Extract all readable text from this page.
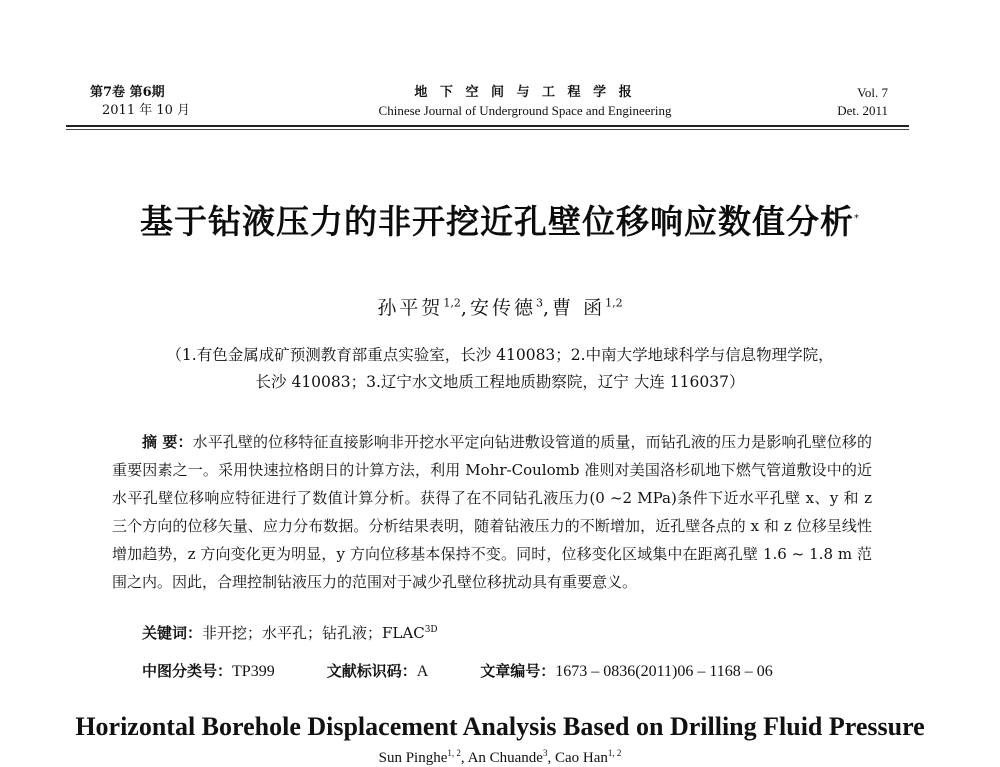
第7卷 第6期
2011 年 10 月
地 下 空 间 与 工 程 学 报
Chinese Journal of Underground Space and Engineering
Vol. 7
Det. 2011
基于钻液压力的非开挖近孔壁位移响应数值分析*
孙平贺$^{1,2}$,安传德$^3$,曹 函$^{1,2}$
（1.有色金属成矿预测教育部重点实验室，长沙 410083；2.中南大学地球科学与信息物理学院，
长沙 410083；3.辽宁水文地质工程地质勘察院，辽宁 大连 116037）

摘 要：水平孔壁的位移特征直接影响非开挖水平定向钻进敷设管道的质量，而钻孔液的压力是影响孔壁位移的重要因素之一。采用快速拉格朗日的计算方法，利用 Mohr-Coulomb 准则对美国洛杉矶地下燃气管道敷设中的近水平孔壁位移响应特征进行了数值计算分析。获得了在不同钻孔液压力(0 ~2 MPa)条件下近水平孔壁 x、y 和 z 三个方向的位移矢量、应力分布数据。分析结果表明，随着钻液压力的不断增加，近孔壁各点的 x 和 z 位移呈线性增加趋势，z 方向变化更为明显，y 方向位移基本保持不变。同时，位移变化区域集中在距离孔壁 1.6 ~ 1.8 m 范围之内。因此，合理控制钻液压力的范围对于减少孔壁位移扰动具有重要意义。

关键词：非开挖；水平孔；钻孔液；$FLAC^{3D}$
中图分类号：TP399	文献标识码：A	文章编号：1673 – 0836(2011)06 – 1168 – 06
Horizontal Borehole Displacement Analysis Based on Drilling Fluid Pressure
Sun Pinghe$^{1, 2}$, An Chuande$^3$, Cao Han$^{1, 2}$
